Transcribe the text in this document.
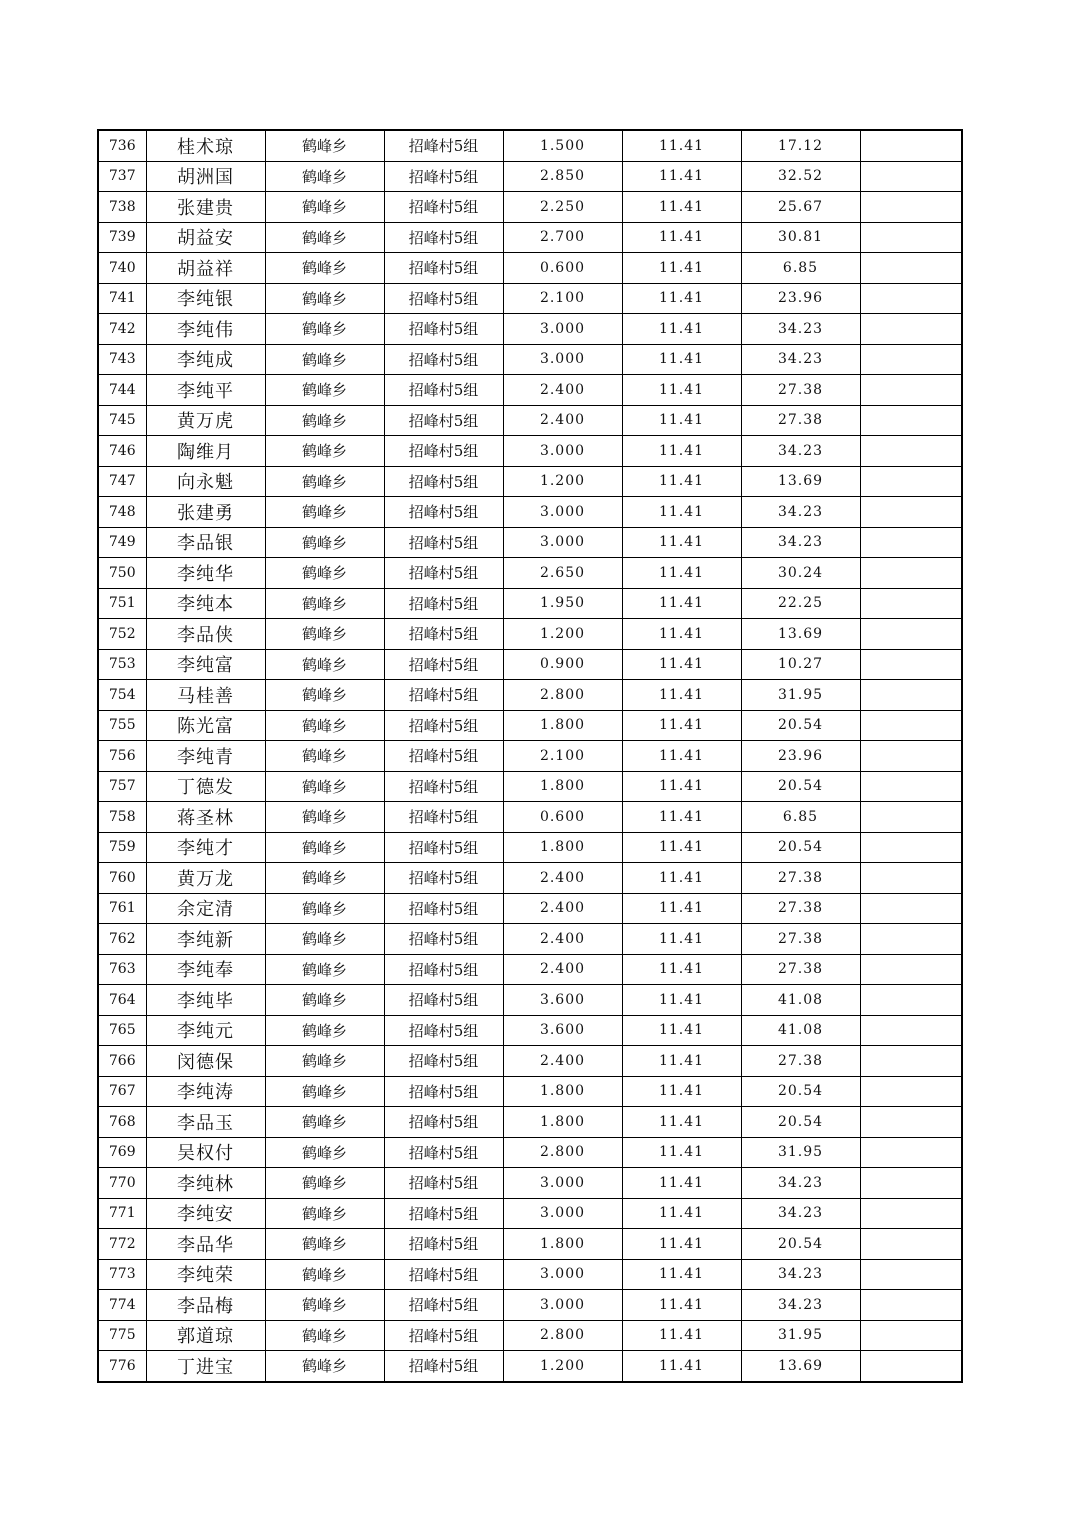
736	桂术琼	鹤峰乡	招峰村5组	1.500	11.41	17.12	
737	胡洲国	鹤峰乡	招峰村5组	2.850	11.41	32.52	
738	张建贵	鹤峰乡	招峰村5组	2.250	11.41	25.67	
739	胡益安	鹤峰乡	招峰村5组	2.700	11.41	30.81	
740	胡益祥	鹤峰乡	招峰村5组	0.600	11.41	6.85	
741	李纯银	鹤峰乡	招峰村5组	2.100	11.41	23.96	
742	李纯伟	鹤峰乡	招峰村5组	3.000	11.41	34.23	
743	李纯成	鹤峰乡	招峰村5组	3.000	11.41	34.23	
744	李纯平	鹤峰乡	招峰村5组	2.400	11.41	27.38	
745	黄万虎	鹤峰乡	招峰村5组	2.400	11.41	27.38	
746	陶维月	鹤峰乡	招峰村5组	3.000	11.41	34.23	
747	向永魁	鹤峰乡	招峰村5组	1.200	11.41	13.69	
748	张建勇	鹤峰乡	招峰村5组	3.000	11.41	34.23	
749	李品银	鹤峰乡	招峰村5组	3.000	11.41	34.23	
750	李纯华	鹤峰乡	招峰村5组	2.650	11.41	30.24	
751	李纯本	鹤峰乡	招峰村5组	1.950	11.41	22.25	
752	李品侠	鹤峰乡	招峰村5组	1.200	11.41	13.69	
753	李纯富	鹤峰乡	招峰村5组	0.900	11.41	10.27	
754	马桂善	鹤峰乡	招峰村5组	2.800	11.41	31.95	
755	陈光富	鹤峰乡	招峰村5组	1.800	11.41	20.54	
756	李纯青	鹤峰乡	招峰村5组	2.100	11.41	23.96	
757	丁德发	鹤峰乡	招峰村5组	1.800	11.41	20.54	
758	蒋圣林	鹤峰乡	招峰村5组	0.600	11.41	6.85	
759	李纯才	鹤峰乡	招峰村5组	1.800	11.41	20.54	
760	黄万龙	鹤峰乡	招峰村5组	2.400	11.41	27.38	
761	余定清	鹤峰乡	招峰村5组	2.400	11.41	27.38	
762	李纯新	鹤峰乡	招峰村5组	2.400	11.41	27.38	
763	李纯奉	鹤峰乡	招峰村5组	2.400	11.41	27.38	
764	李纯毕	鹤峰乡	招峰村5组	3.600	11.41	41.08	
765	李纯元	鹤峰乡	招峰村5组	3.600	11.41	41.08	
766	闵德保	鹤峰乡	招峰村5组	2.400	11.41	27.38	
767	李纯涛	鹤峰乡	招峰村5组	1.800	11.41	20.54	
768	李品玉	鹤峰乡	招峰村5组	1.800	11.41	20.54	
769	吴权付	鹤峰乡	招峰村5组	2.800	11.41	31.95	
770	李纯林	鹤峰乡	招峰村5组	3.000	11.41	34.23	
771	李纯安	鹤峰乡	招峰村5组	3.000	11.41	34.23	
772	李品华	鹤峰乡	招峰村5组	1.800	11.41	20.54	
773	李纯荣	鹤峰乡	招峰村5组	3.000	11.41	34.23	
774	李品梅	鹤峰乡	招峰村5组	3.000	11.41	34.23	
775	郭道琼	鹤峰乡	招峰村5组	2.800	11.41	31.95	
776	丁进宝	鹤峰乡	招峰村5组	1.200	11.41	13.69	
